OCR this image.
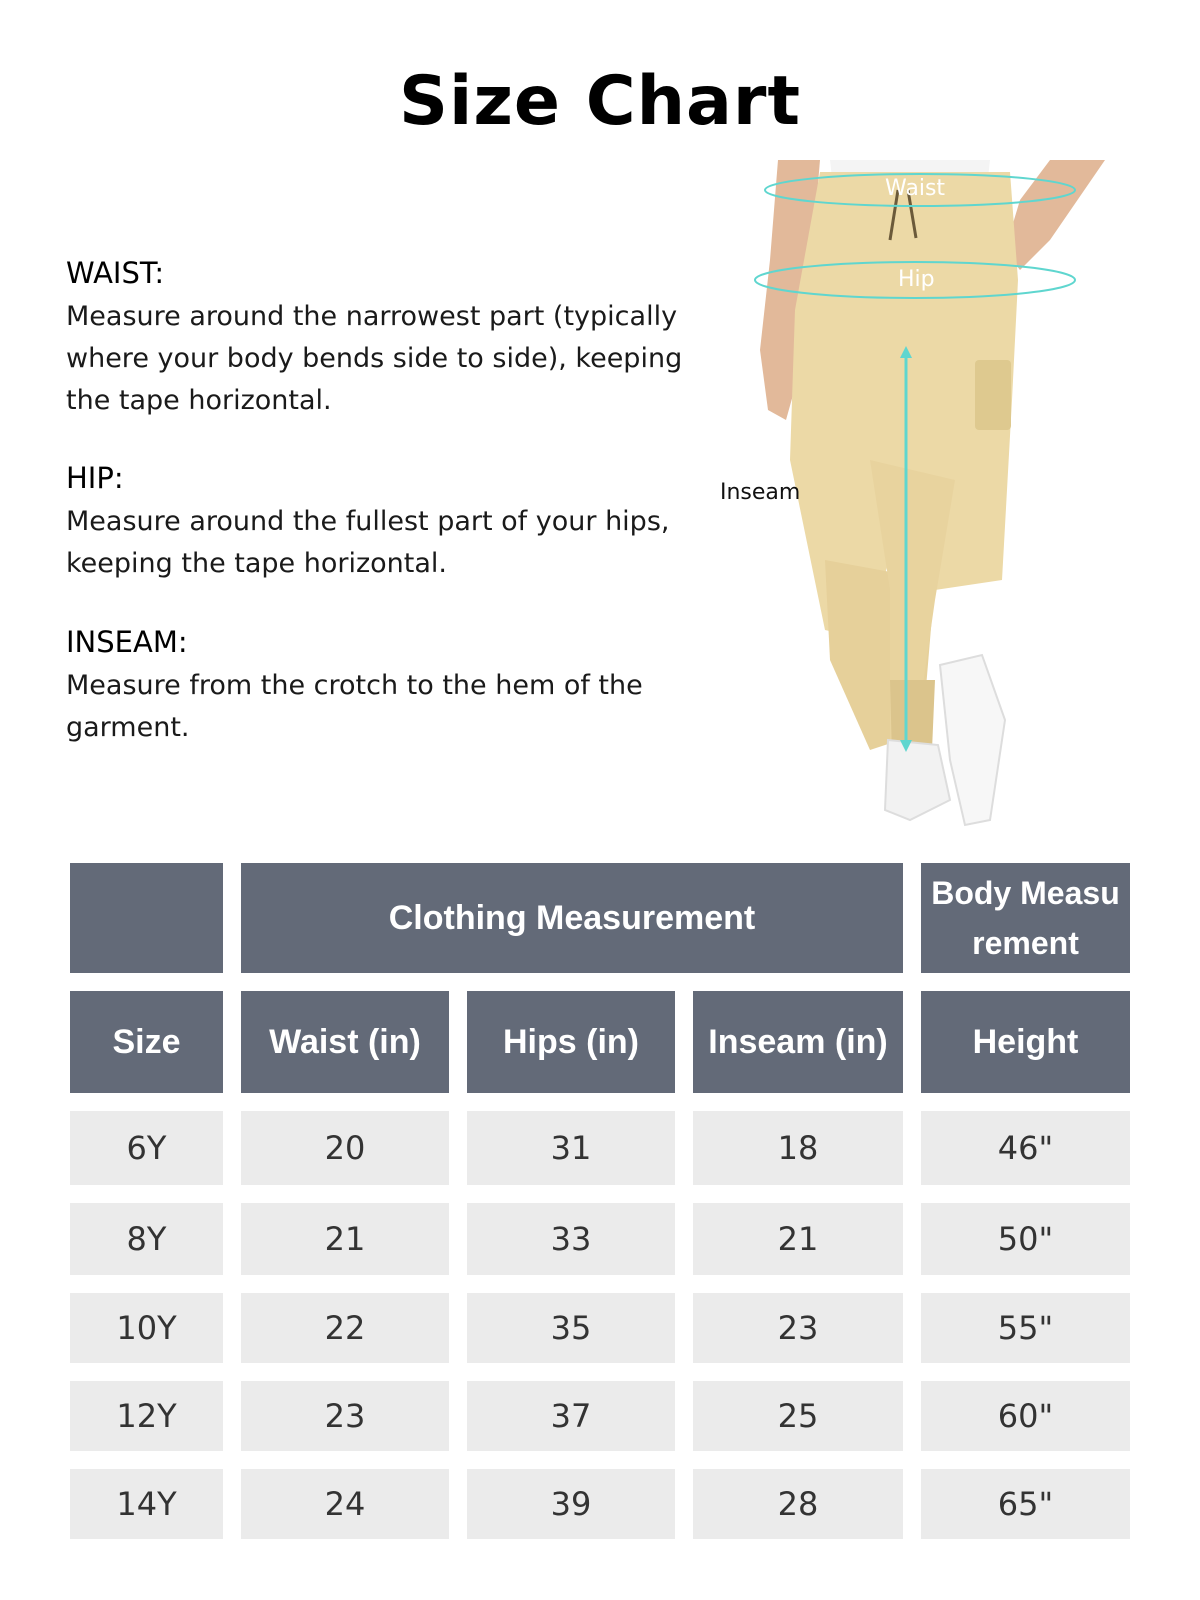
Size Chart
WAIST:

Measure around the narrowest part (typically where your body bends side to side), keeping the tape horizontal.

HIP:

Measure around the fullest part of your hips, keeping the tape horizontal.

INSEAM:

Measure from the crotch to the hem of the garment.

Waist
Hip
Inseam
Clothing Measurement
Body Measu rement
Size	Waist (in)	Hips (in)	Inseam (in)	Height
6Y	20	31	18	46"
8Y	21	33	21	50"
10Y	22	35	23	55"
12Y	23	37	25	60"
14Y	24	39	28	65"
